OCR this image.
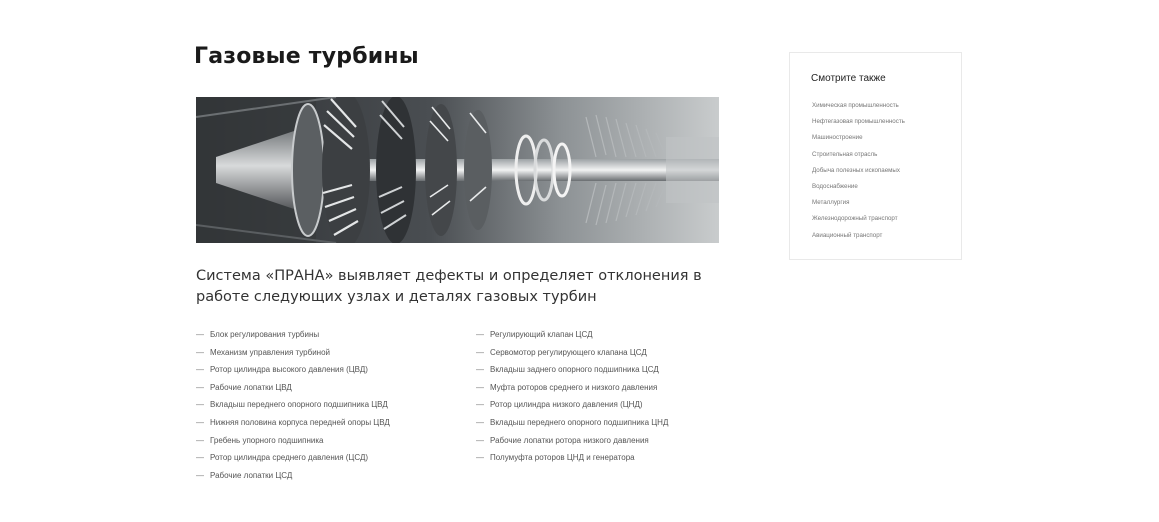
Газовые турбины

Система «ПРАНА» выявляет дефекты и определяет отклонения в работе следующих узлах и деталях газовых турбин

— Блок регулирования турбины
— Механизм управления турбиной
— Ротор цилиндра высокого давления (ЦВД)
— Рабочие лопатки ЦВД
— Вкладыш переднего опорного подшипника ЦВД
— Нижняя половина корпуса передней опоры ЦВД
— Гребень упорного подшипника
— Ротор цилиндра среднего давления (ЦСД)
— Рабочие лопатки ЦСД
— Регулирующий клапан ЦСД
— Сервомотор регулирующего клапана ЦСД
— Вкладыш заднего опорного подшипника ЦСД
— Муфта роторов среднего и низкого давления
— Ротор цилиндра низкого давления (ЦНД)
— Вкладыш переднего опорного подшипника ЦНД
— Рабочие лопатки ротора низкого давления
— Полумуфта роторов ЦНД и генератора
Смотрите также
Химическая промышленность
Нефтегазовая промышленность
Машиностроение
Строительная отрасль
Добыча полезных ископаемых
Водоснабжение
Металлургия
Железнодорожный транспорт
Авиационный транспорт
